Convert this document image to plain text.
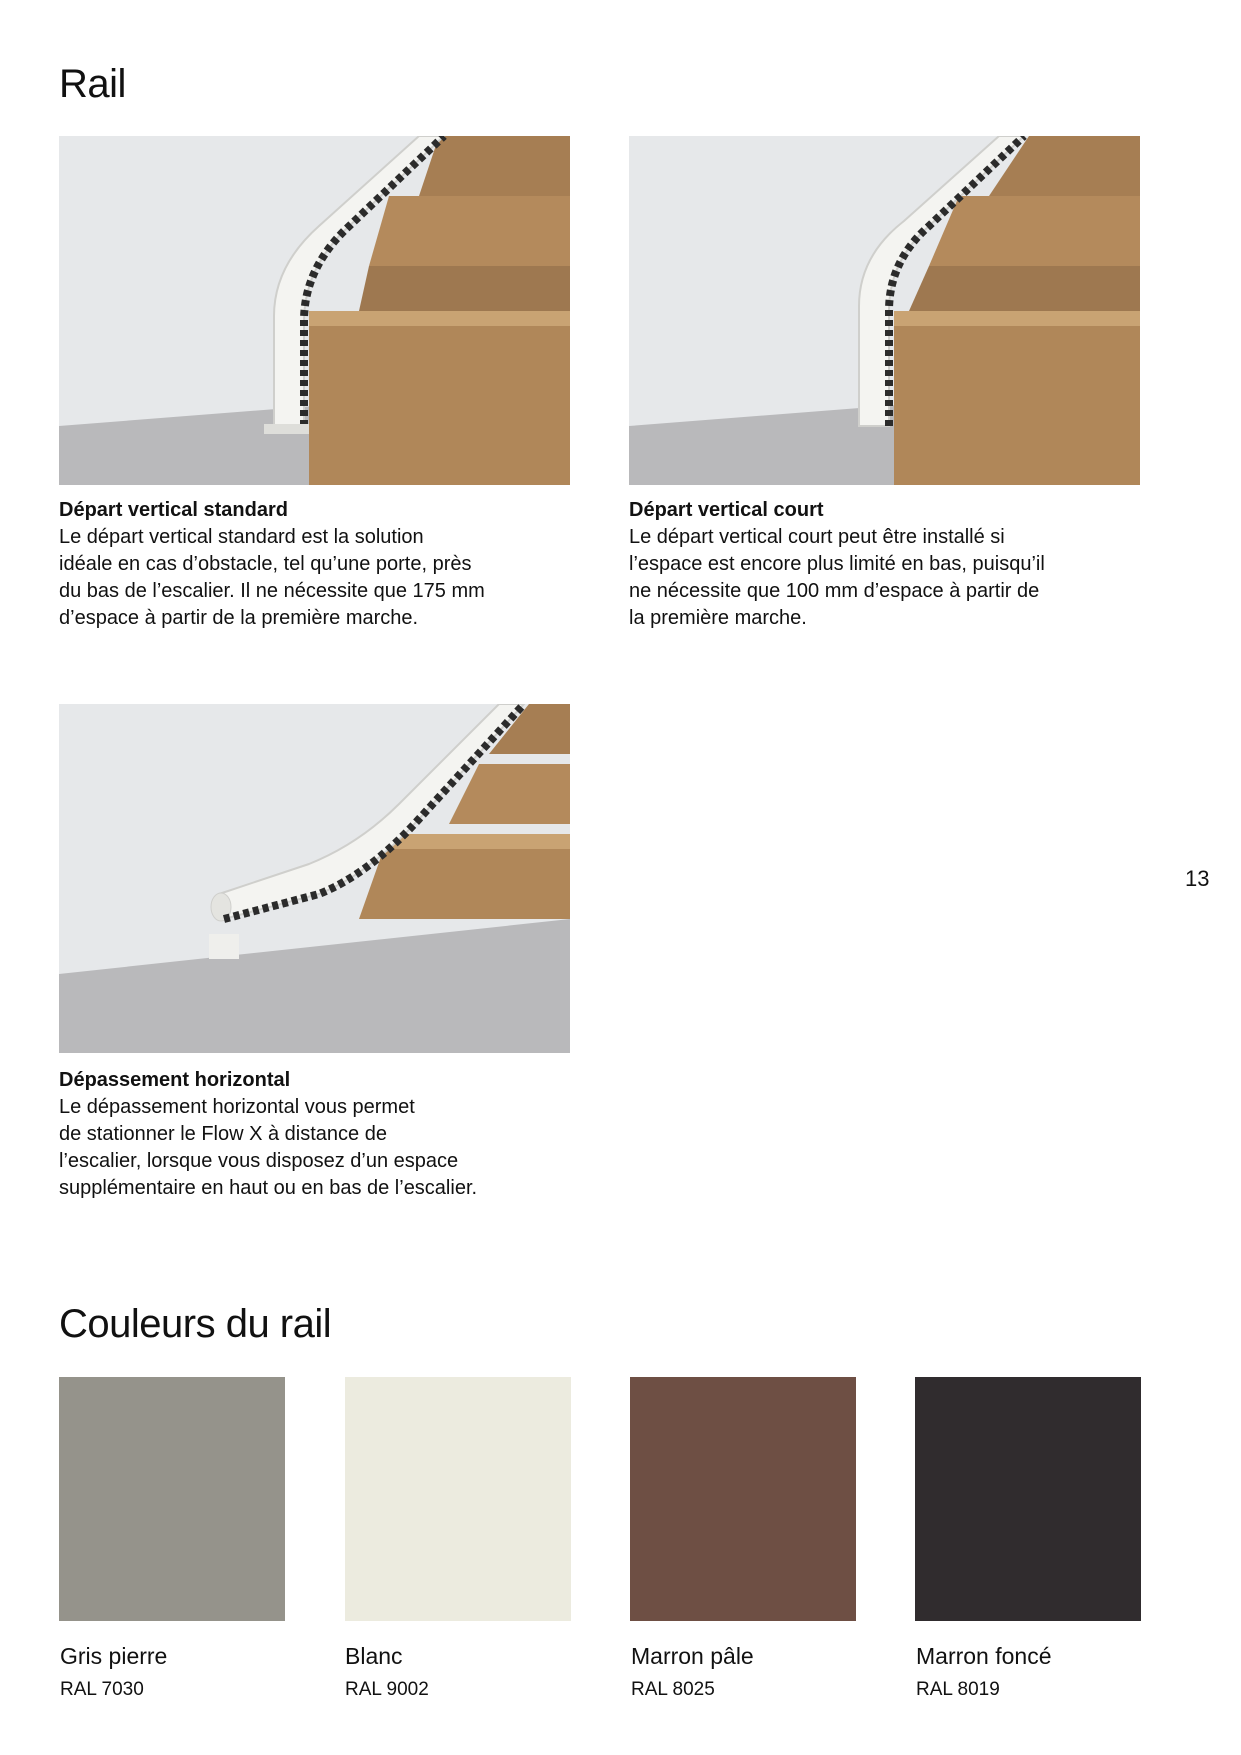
Rail
Départ vertical standard
Le départ vertical standard est la solution
idéale en cas d’obstacle, tel qu’une porte, près
du bas de l’escalier. Il ne nécessite que 175 mm
d’espace à partir de la première marche.
Départ vertical court
Le départ vertical court peut être installé si
l’espace est encore plus limité en bas, puisqu’il
ne nécessite que 100 mm d’espace à partir de
la première marche.
Dépassement horizontal
Le dépassement horizontal vous permet
de stationner le Flow X à distance de
l’escalier, lorsque vous disposez d’un espace
supplémentaire en haut ou en bas de l’escalier.
13
Couleurs du rail
Gris pierre	Blanc	Marron pâle	Marron foncé
RAL 7030	RAL 9002	RAL 8025	RAL 8019
